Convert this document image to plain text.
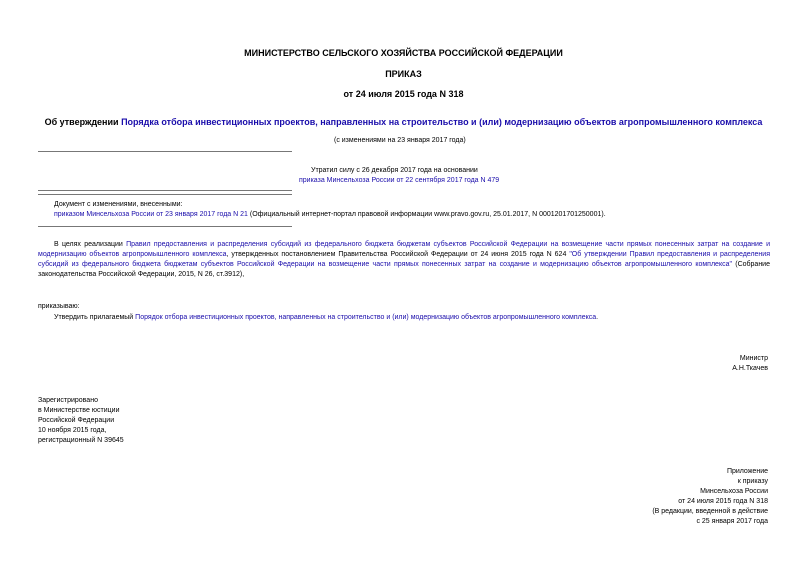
МИНИСТЕРСТВО СЕЛЬСКОГО ХОЗЯЙСТВА РОССИЙСКОЙ ФЕДЕРАЦИИ
ПРИКАЗ
от 24 июля 2015 года N 318
Об утверждении Порядка отбора инвестиционных проектов, направленных на строительство и (или) модернизацию объектов агропромышленного комплекса
(с изменениями на 23 января 2017 года)
Утратил силу с 26 декабря 2017 года на основании
приказа Минсельхоза России от 22 сентября 2017 года N 479
Документ с изменениями, внесенными:
приказом Минсельхоза России от 23 января 2017 года N 21 (Официальный интернет-портал правовой информации www.pravo.gov.ru, 25.01.2017, N 0001201701250001).
В целях реализации Правил предоставления и распределения субсидий из федерального бюджета бюджетам субъектов Российской Федерации на возмещение части прямых понесенных затрат на создание и модернизацию объектов агропромышленного комплекса, утвержденных постановлением Правительства Российской Федерации от 24 июня 2015 года N 624 "Об утверждении Правил предоставления и распределения субсидий из федерального бюджета бюджетам субъектов Российской Федерации на возмещение части прямых понесенных затрат на создание и модернизацию объектов агропромышленного комплекса" (Собрание законодательства Российской Федерации, 2015, N 26, ст.3912),
приказываю:
Утвердить прилагаемый Порядок отбора инвестиционных проектов, направленных на строительство и (или) модернизацию объектов агропромышленного комплекса.
Министр
А.Н.Ткачев
Зарегистрировано
в Министерстве юстиции
Российской Федерации
10 ноября 2015 года,
регистрационный N 39645
Приложение
к приказу
Минсельхоза России
от 24 июля 2015 года N 318
(В редакции, введенной в действие
с 25 января 2017 года
